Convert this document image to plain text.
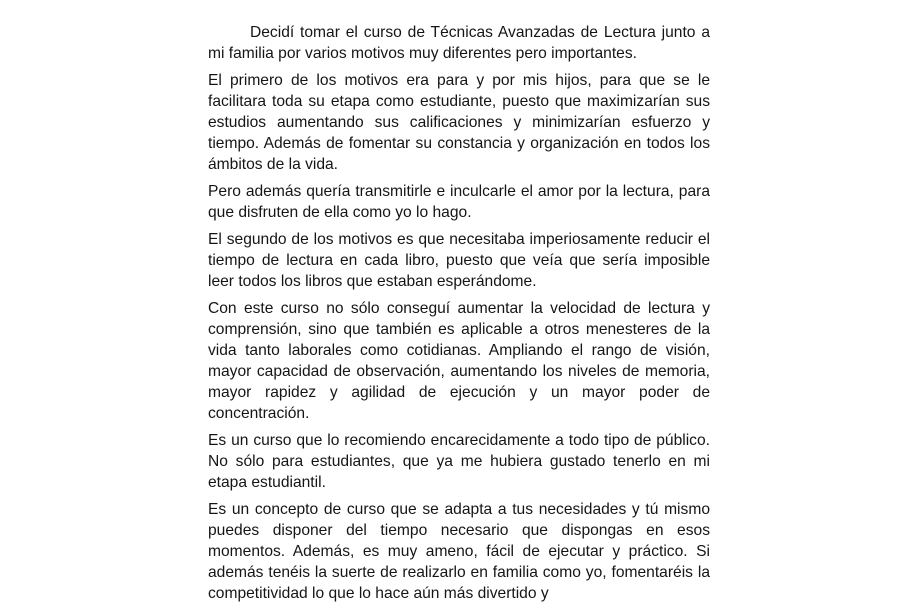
Decidí tomar el curso de Técnicas Avanzadas de Lectura junto a mi familia por varios motivos muy diferentes pero importantes.

El primero de los motivos era para y por mis hijos, para que se le facilitara toda su etapa como estudiante, puesto que maximizarían sus estudios aumentando sus calificaciones y minimizarían esfuerzo y tiempo. Además de fomentar su constancia y organización en todos los ámbitos de la vida.

Pero además quería transmitirle e inculcarle el amor por la lectura, para que disfruten de ella como yo lo hago.

El segundo de los motivos es que necesitaba imperiosamente reducir el tiempo de lectura en cada libro, puesto que veía que sería imposible leer todos los libros que estaban esperándome.

Con este curso no sólo conseguí aumentar la velocidad de lectura y comprensión, sino que también es aplicable a otros menesteres de la vida tanto laborales como cotidianas. Ampliando el rango de visión, mayor capacidad de observación, aumentando los niveles de memoria, mayor rapidez y agilidad de ejecución y un mayor poder de concentración.

Es un curso que lo recomiendo encarecidamente a todo tipo de público. No sólo para estudiantes, que ya me hubiera gustado tenerlo en mi etapa estudiantil.

Es un concepto de curso que se adapta a tus necesidades y tú mismo puedes disponer del tiempo necesario que dispongas en esos momentos. Además, es muy ameno, fácil de ejecutar y práctico. Si además tenéis la suerte de realizarlo en familia como yo, fomentaréis la competitividad lo que lo hace aún más divertido y
